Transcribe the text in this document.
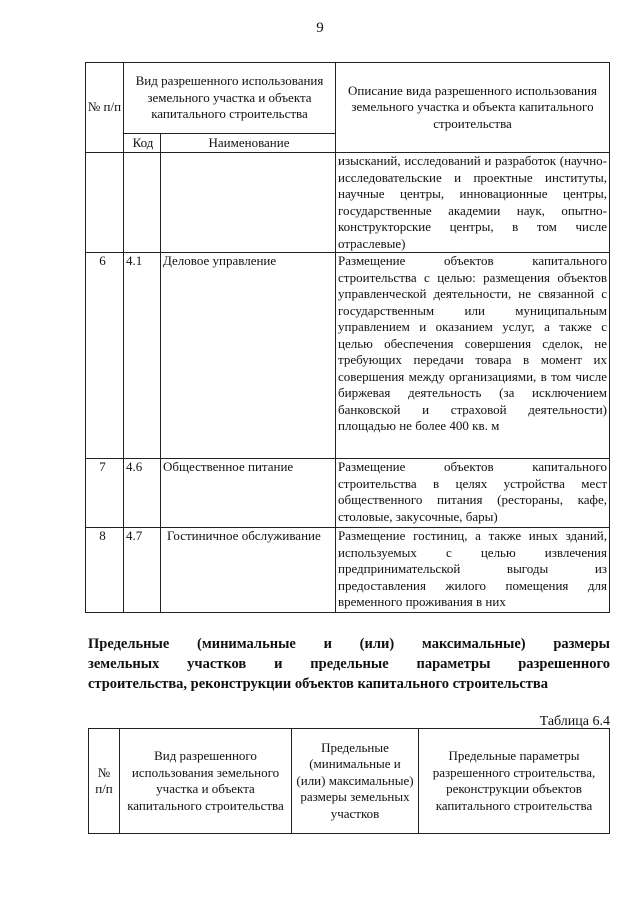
9
№ п/п	Вид разрешенного использования земельного участка и объекта капитального строительства		Описание вида разрешенного использования земельного участка и объекта капитального строительства
	Код	Наименование	
			изысканий, исследований и разработок (научно-исследовательские и проектные институты, научные центры, инновационные центры, государственные академии наук, опытно-конструкторские центры, в том числе отраслевые)
6	4.1	Деловое управление	Размещение объектов капитального строительства с целью: размещения объектов управленческой деятельности, не связанной с государственным или муниципальным управлением и оказанием услуг, а также с целью обеспечения совершения сделок, не требующих передачи товара в момент их совершения между организациями, в том числе биржевая деятельность (за исключением банковской и страховой деятельности) площадью не более 400 кв. м
7	4.6	Общественное питание	Размещение объектов капитального строительства в целях устройства мест общественного питания (рестораны, кафе, столовые, закусочные, бары)
8	4.7	Гостиничное обслуживание	Размещение гостиниц, а также иных зданий, используемых с целью извлечения предпринимательской выгоды из предоставления жилого помещения для временного проживания в них
Предельные (минимальные и (или) максимальные) размеры
земельных участков и предельные параметры разрешенного
строительства, реконструкции объектов капитального строительства
Таблица 6.4
№ п/п	Вид разрешенного использования земельного участка и объекта капитального строительства	Предельные (минимальные и (или) максимальные) размеры земельных участков	Предельные параметры разрешенного строительства, реконструкции объектов капитального строительства
